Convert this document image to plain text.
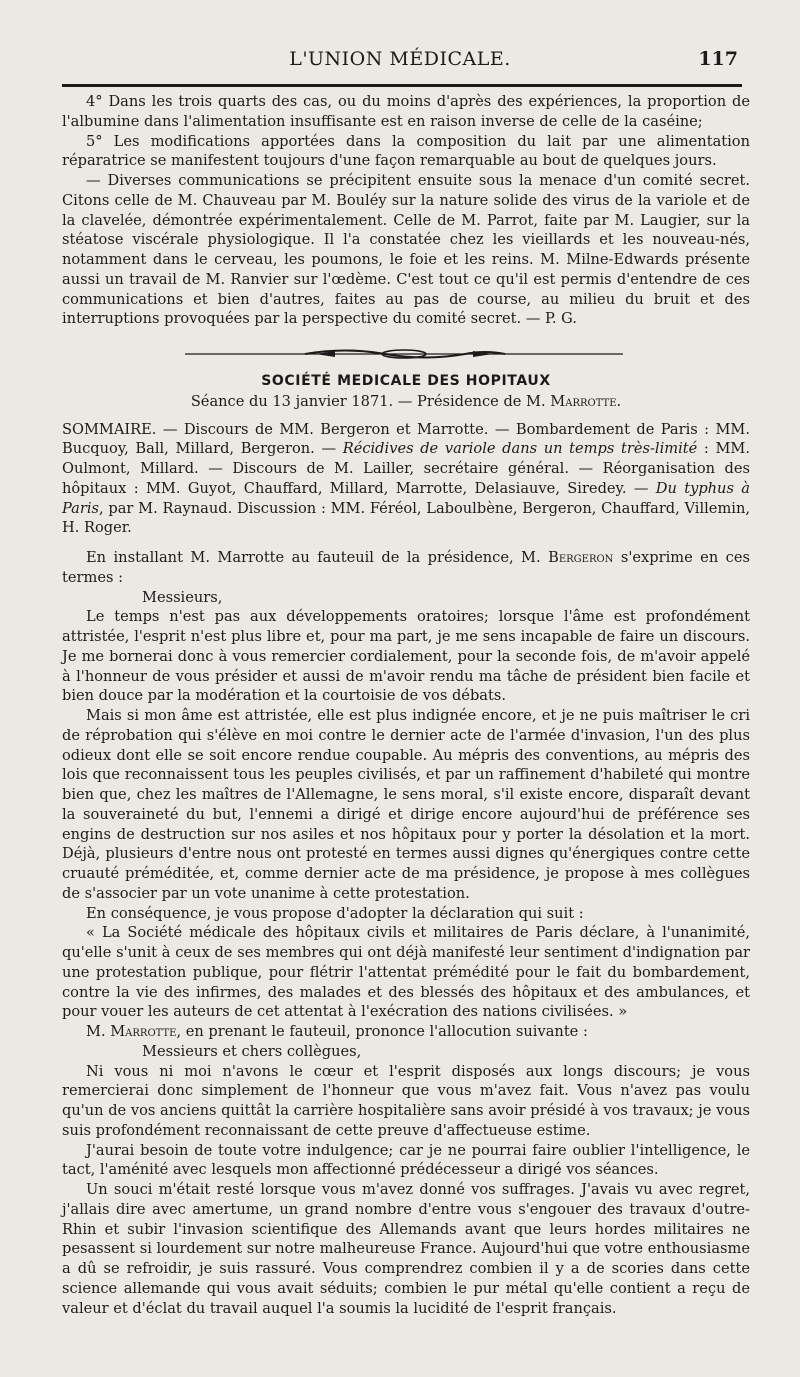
L'UNION MÉDICALE.	117

4° Dans les trois quarts des cas, ou du moins d'après des expériences, la proportion de l'albumine dans l'alimentation insuffisante est en raison inverse de celle de la caséine;

5° Les modifications apportées dans la composition du lait par une alimentation réparatrice se manifestent toujours d'une façon remarquable au bout de quelques jours.

— Diverses communications se précipitent ensuite sous la menace d'un comité secret. Citons celle de M. Chauveau par M. Bouléy sur la nature solide des virus de la variole et de la clavelée, démontrée expérimentalement. Celle de M. Parrot, faite par M. Laugier, sur la stéatose viscérale physiologique. Il l'a constatée chez les vieillards et les nouveau-nés, notamment dans le cerveau, les poumons, le foie et les reins. M. Milne-Edwards présente aussi un travail de M. Ranvier sur l'œdème. C'est tout ce qu'il est permis d'entendre de ces communications et bien d'autres, faites au pas de course, au milieu du bruit et des interruptions provoquées par la perspective du comité secret. — P. G.

SOCIÉTÉ MEDICALE DES HOPITAUX

Séance du 13 janvier 1871. — Présidence de M. Marrotte.

SOMMAIRE. — Discours de MM. Bergeron et Marrotte. — Bombardement de Paris : MM. Bucquoy, Ball, Millard, Bergeron. — Récidives de variole dans un temps très-limité : MM. Oulmont, Millard. — Discours de M. Lailler, secrétaire général. — Réorganisation des hôpitaux : MM. Guyot, Chauffard, Millard, Marrotte, Delasiauve, Siredey. — Du typhus à Paris, par M. Raynaud. Discussion : MM. Féréol, Laboulbène, Bergeron, Chauffard, Villemin, H. Roger.

En installant M. Marrotte au fauteuil de la présidence, M. Bergeron s'exprime en ces termes :

Messieurs,

Le temps n'est pas aux développements oratoires; lorsque l'âme est profondément attristée, l'esprit n'est plus libre et, pour ma part, je me sens incapable de faire un discours. Je me bornerai donc à vous remercier cordialement, pour la seconde fois, de m'avoir appelé à l'honneur de vous présider et aussi de m'avoir rendu ma tâche de président bien facile et bien douce par la modération et la courtoisie de vos débats.

Mais si mon âme est attristée, elle est plus indignée encore, et je ne puis maîtriser le cri de réprobation qui s'élève en moi contre le dernier acte de l'armée d'invasion, l'un des plus odieux dont elle se soit encore rendue coupable. Au mépris des conventions, au mépris des lois que reconnaissent tous les peuples civilisés, et par un raffinement d'habileté qui montre bien que, chez les maîtres de l'Allemagne, le sens moral, s'il existe encore, disparaît devant la souveraineté du but, l'ennemi a dirigé et dirige encore aujourd'hui de préférence ses engins de destruction sur nos asiles et nos hôpitaux pour y porter la désolation et la mort. Déjà, plusieurs d'entre nous ont protesté en termes aussi dignes qu'énergiques contre cette cruauté préméditée, et, comme dernier acte de ma présidence, je propose à mes collègues de s'associer par un vote unanime à cette protestation.

En conséquence, je vous propose d'adopter la déclaration qui suit :

« La Société médicale des hôpitaux civils et militaires de Paris déclare, à l'unanimité, qu'elle s'unit à ceux de ses membres qui ont déjà manifesté leur sentiment d'indignation par une protestation publique, pour flétrir l'attentat prémédité pour le fait du bombardement, contre la vie des infirmes, des malades et des blessés des hôpitaux et des ambulances, et pour vouer les auteurs de cet attentat à l'exécration des nations civilisées. »

M. Marrotte, en prenant le fauteuil, prononce l'allocution suivante :

Messieurs et chers collègues,

Ni vous ni moi n'avons le cœur et l'esprit disposés aux longs discours; je vous remercierai donc simplement de l'honneur que vous m'avez fait. Vous n'avez pas voulu qu'un de vos anciens quittât la carrière hospitalière sans avoir présidé à vos travaux; je vous suis profondément reconnaissant de cette preuve d'affectueuse estime.

J'aurai besoin de toute votre indulgence; car je ne pourrai faire oublier l'intelligence, le tact, l'aménité avec lesquels mon affectionné prédécesseur a dirigé vos séances.

Un souci m'était resté lorsque vous m'avez donné vos suffrages. J'avais vu avec regret, j'allais dire avec amertume, un grand nombre d'entre vous s'engouer des travaux d'outre-Rhin et subir l'invasion scientifique des Allemands avant que leurs hordes militaires ne pesassent si lourdement sur notre malheureuse France. Aujourd'hui que votre enthousiasme a dû se refroidir, je suis rassuré. Vous comprendrez combien il y a de scories dans cette science allemande qui vous avait séduits; combien le pur métal qu'elle contient a reçu de valeur et d'éclat du travail auquel l'a soumis la lucidité de l'esprit français.
